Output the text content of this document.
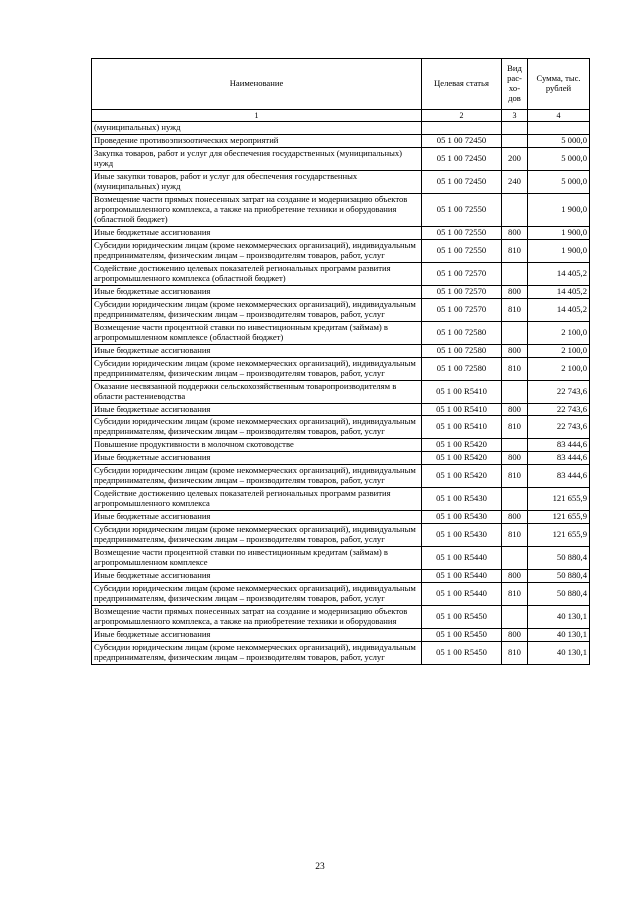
Наименование	Целевая статья	Вид рас-хо-дов	Сумма, тыс. рублей
1	2	3	4
(муниципальных) нужд			
Проведение противоэпизоотических мероприятий	05 1 00 72450		5 000,0
Закупка товаров, работ и услуг для обеспечения государственных (муниципальных) нужд	05 1 00 72450	200	5 000,0
Иные закупки товаров, работ и услуг для обеспечения государственных (муниципальных) нужд	05 1 00 72450	240	5 000,0
Возмещение части прямых понесенных затрат на создание и модернизацию объектов агропромышленного комплекса, а также на приобретение техники и оборудования (областной бюджет)	05 1 00 72550		1 900,0
Иные бюджетные ассигнования	05 1 00 72550	800	1 900,0
Субсидии юридическим лицам (кроме некоммерческих организаций), индивидуальным предпринимателям, физическим лицам – производителям товаров, работ, услуг	05 1 00 72550	810	1 900,0
Содействие достижению целевых показателей региональных программ развития агропромышленного комплекса (областной бюджет)	05 1 00 72570		14 405,2
Иные бюджетные ассигнования	05 1 00 72570	800	14 405,2
Субсидии юридическим лицам (кроме некоммерческих организаций), индивидуальным предпринимателям, физическим лицам – производителям товаров, работ, услуг	05 1 00 72570	810	14 405,2
Возмещение части процентной ставки по инвестиционным кредитам (займам) в агропромышленном комплексе (областной бюджет)	05 1 00 72580		2 100,0
Иные бюджетные ассигнования	05 1 00 72580	800	2 100,0
Субсидии юридическим лицам (кроме некоммерческих организаций), индивидуальным предпринимателям, физическим лицам – производителям товаров, работ, услуг	05 1 00 72580	810	2 100,0
Оказание несвязанной поддержки сельскохозяйственным товаропроизводителям в области растениеводства	05 1 00 R5410		22 743,6
Иные бюджетные ассигнования	05 1 00 R5410	800	22 743,6
Субсидии юридическим лицам (кроме некоммерческих организаций), индивидуальным предпринимателям, физическим лицам – производителям товаров, работ, услуг	05 1 00 R5410	810	22 743,6
Повышение продуктивности в молочном скотоводстве	05 1 00 R5420		83 444,6
Иные бюджетные ассигнования	05 1 00 R5420	800	83 444,6
Субсидии юридическим лицам (кроме некоммерческих организаций), индивидуальным предпринимателям, физическим лицам – производителям товаров, работ, услуг	05 1 00 R5420	810	83 444,6
Содействие достижению целевых показателей региональных программ развития агропромышленного комплекса	05 1 00 R5430		121 655,9
Иные бюджетные ассигнования	05 1 00 R5430	800	121 655,9
Субсидии юридическим лицам (кроме некоммерческих организаций), индивидуальным предпринимателям, физическим лицам – производителям товаров, работ, услуг	05 1 00 R5430	810	121 655,9
Возмещение части процентной ставки по инвестиционным кредитам (займам) в агропромышленном комплексе	05 1 00 R5440		50 880,4
Иные бюджетные ассигнования	05 1 00 R5440	800	50 880,4
Субсидии юридическим лицам (кроме некоммерческих организаций), индивидуальным предпринимателям, физическим лицам – производителям товаров, работ, услуг	05 1 00 R5440	810	50 880,4
Возмещение части прямых понесенных затрат на создание и модернизацию объектов агропромышленного комплекса, а также на приобретение техники и оборудования	05 1 00 R5450		40 130,1
Иные бюджетные ассигнования	05 1 00 R5450	800	40 130,1
Субсидии юридическим лицам (кроме некоммерческих организаций), индивидуальным предпринимателям, физическим лицам – производителям товаров, работ, услуг	05 1 00 R5450	810	40 130,1
23
